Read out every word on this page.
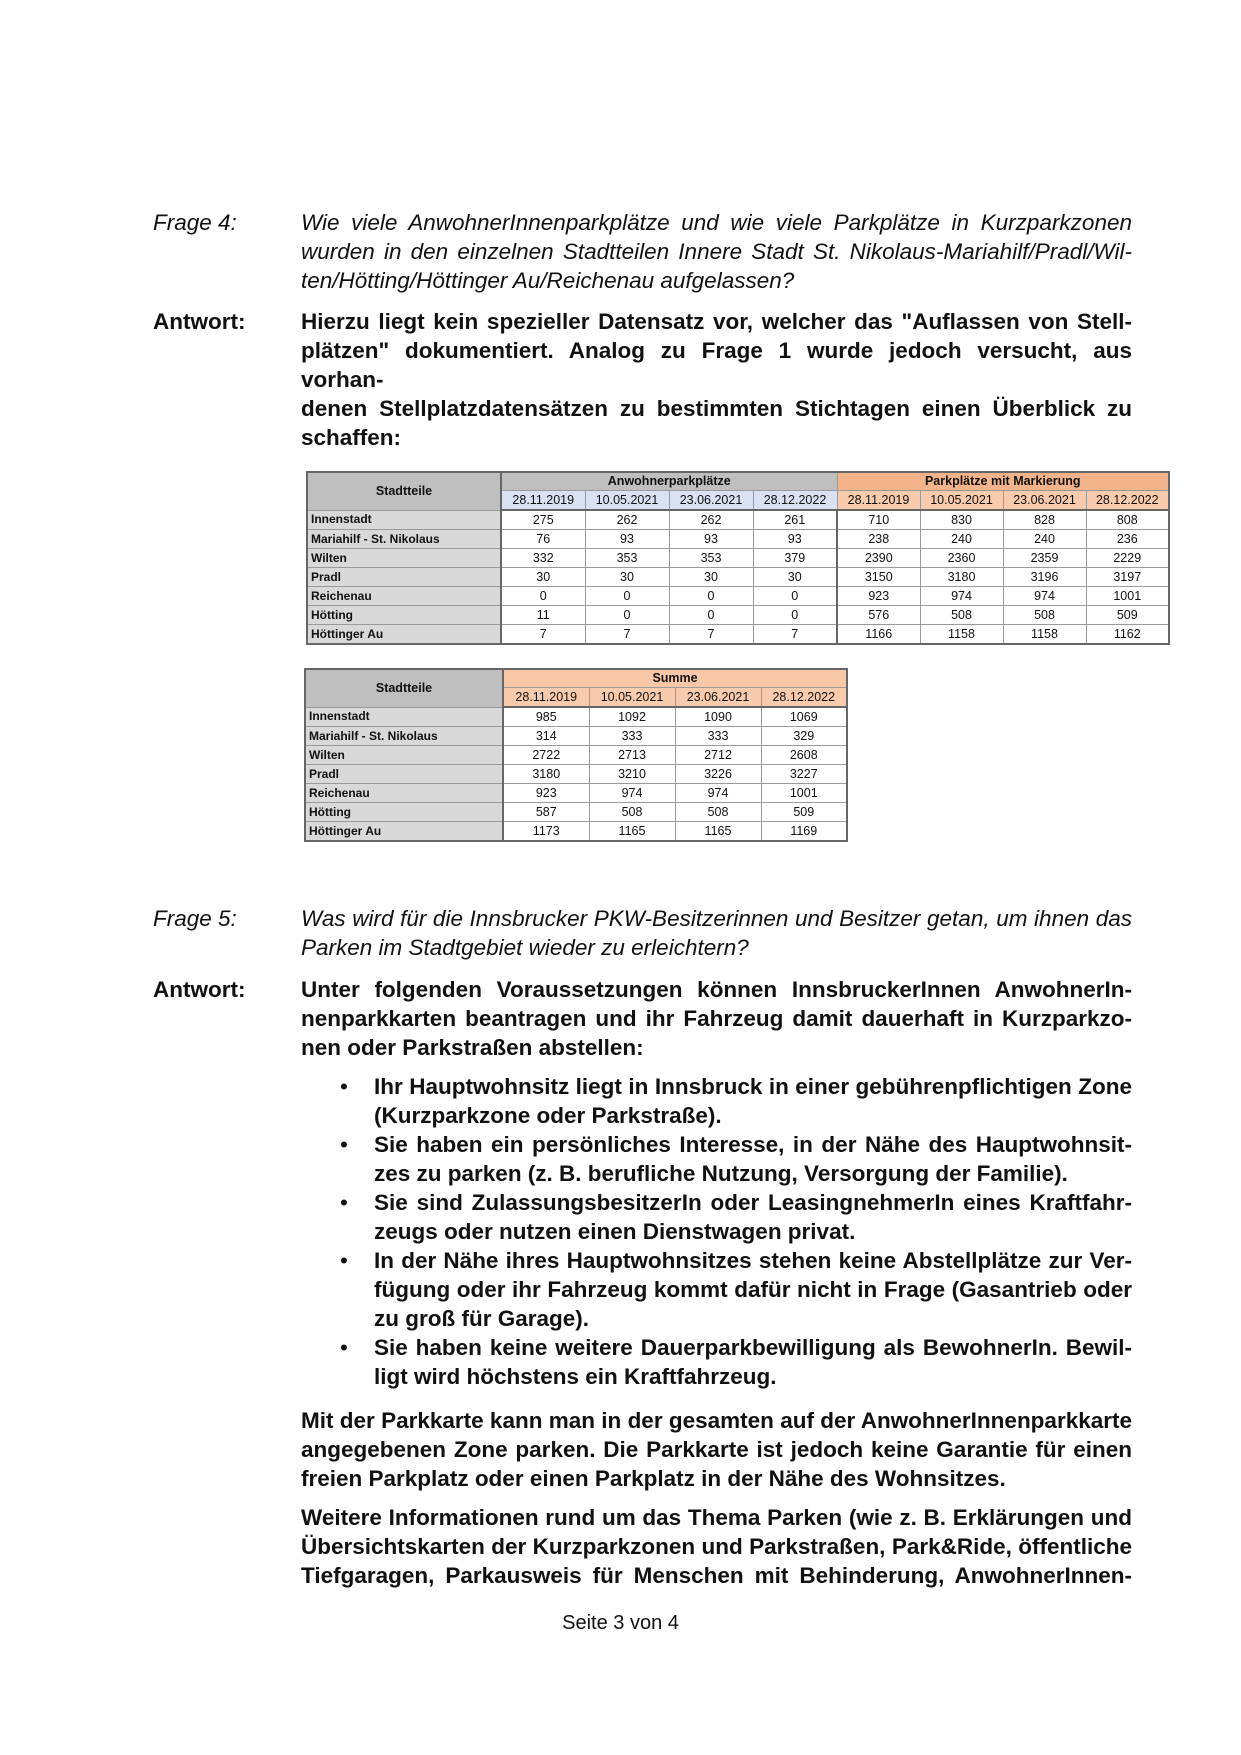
Frage 4:	Wie viele AnwohnerInnenparkplätze und wie viele Parkplätze in Kurzparkzonen
wurden in den einzelnen Stadtteilen Innere Stadt St. Nikolaus-Mariahilf/Pradl/Wil-
ten/Hötting/Höttinger Au/Reichenau aufgelassen?
Antwort: Hierzu liegt kein spezieller Datensatz vor, welcher das "Auflassen von Stell-
plätzen" dokumentiert. Analog zu Frage 1 wurde jedoch versucht, aus vorhan-
denen Stellplatzdatensätzen zu bestimmten Stichtagen einen Überblick zu
schaffen:
Stadtteile	Anwohnerparkplätze				Parkplätze mit Markierung			
	28.11.2019	10.05.2021	23.06.2021	28.12.2022	28.11.2019	10.05.2021	23.06.2021	28.12.2022
Innenstadt	275	262	262	261	710	830	828	808
Mariahilf - St. Nikolaus	76	93	93	93	238	240	240	236
Wilten	332	353	353	379	2390	2360	2359	2229
Pradl	30	30	30	30	3150	3180	3196	3197
Reichenau	0	0	0	0	923	974	974	1001
Hötting	11	0	0	0	576	508	508	509
Höttinger Au	7	7	7	7	1166	1158	1158	1162
Stadtteile	Summe			
	28.11.2019	10.05.2021	23.06.2021	28.12.2022
Innenstadt	985	1092	1090	1069
Mariahilf - St. Nikolaus	314	333	333	329
Wilten	2722	2713	2712	2608
Pradl	3180	3210	3226	3227
Reichenau	923	974	974	1001
Hötting	587	508	508	509
Höttinger Au	1173	1165	1165	1169
Frage 5:	Was wird für die Innsbrucker PKW-Besitzerinnen und Besitzer getan, um ihnen das
Parken im Stadtgebiet wieder zu erleichtern?
Antwort: Unter folgenden Voraussetzungen können InnsbruckerInnen AnwohnerIn-
nenparkkarten beantragen und ihr Fahrzeug damit dauerhaft in Kurzparkzo-
nen oder Parkstraßen abstellen:
• Ihr Hauptwohnsitz liegt in Innsbruck in einer gebührenpflichtigen Zone
(Kurzparkzone oder Parkstraße).
• Sie haben ein persönliches Interesse, in der Nähe des Hauptwohnsit-
zes zu parken (z. B. berufliche Nutzung, Versorgung der Familie).
• Sie sind ZulassungsbesitzerIn oder LeasingnehmerIn eines Kraftfahr-
zeugs oder nutzen einen Dienstwagen privat.
• In der Nähe ihres Hauptwohnsitzes stehen keine Abstellplätze zur Ver-
fügung oder ihr Fahrzeug kommt dafür nicht in Frage (Gasantrieb oder
zu groß für Garage).
• Sie haben keine weitere Dauerparkbewilligung als BewohnerIn. Bewil-
ligt wird höchstens ein Kraftfahrzeug.
Mit der Parkkarte kann man in der gesamten auf der AnwohnerInnenparkkarte
angegebenen Zone parken. Die Parkkarte ist jedoch keine Garantie für einen
freien Parkplatz oder einen Parkplatz in der Nähe des Wohnsitzes.
Weitere Informationen rund um das Thema Parken (wie z. B. Erklärungen und
Übersichtskarten der Kurzparkzonen und Parkstraßen, Park&Ride, öffentliche
Tiefgaragen, Parkausweis für Menschen mit Behinderung, AnwohnerInnen-
Seite 3 von 4
